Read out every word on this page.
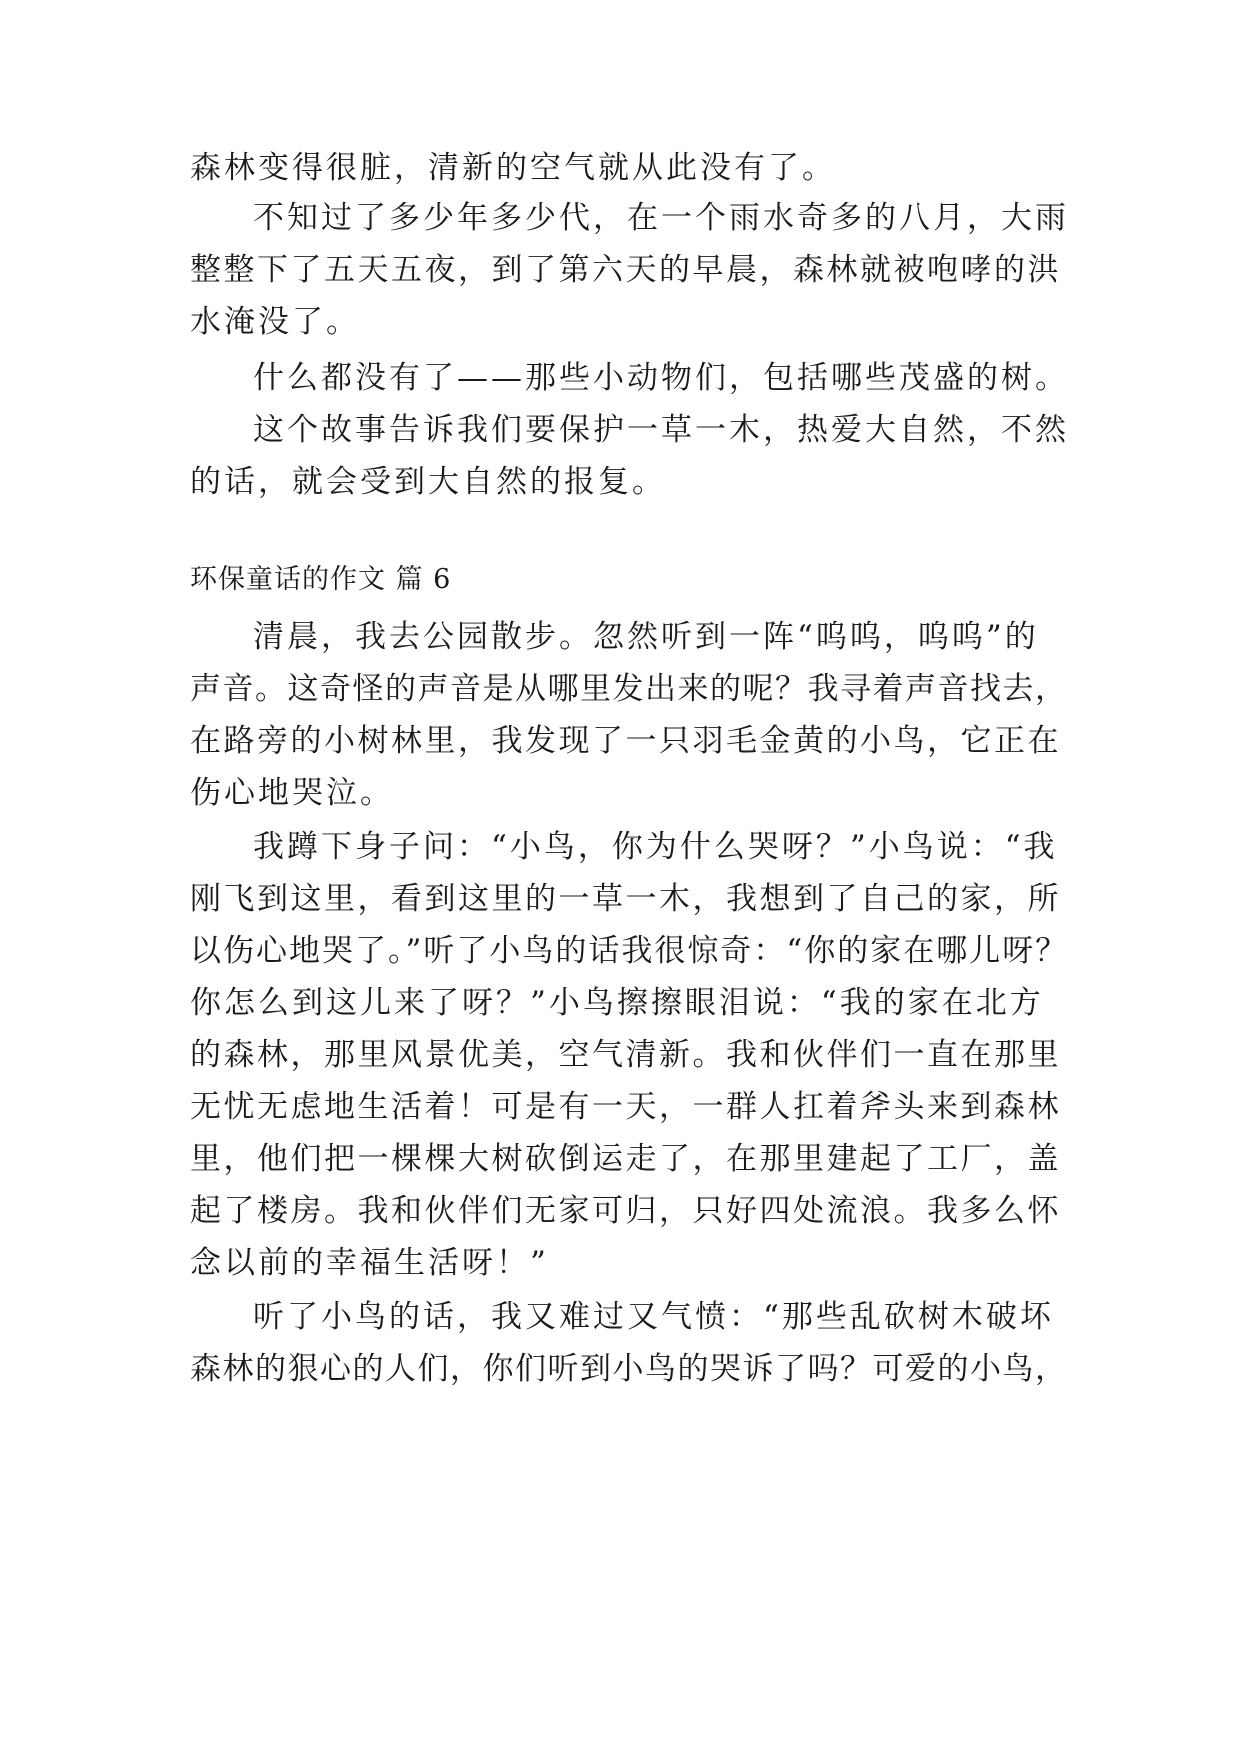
森林变得很脏，清新的空气就从此没有了。
不知过了多少年多少代，在一个雨水奇多的八月，大雨
整整下了五天五夜，到了第六天的早晨，森林就被咆哮的洪
水淹没了。
什么都没有了——那些小动物们，包括哪些茂盛的树。
这个故事告诉我们要保护一草一木，热爱大自然，不然
的话，就会受到大自然的报复。
环保童话的作文 篇 6
清晨，我去公园散步。忽然听到一阵“呜呜，呜呜”的
声音。这奇怪的声音是从哪里发出来的呢？我寻着声音找去，
在路旁的小树林里，我发现了一只羽毛金黄的小鸟，它正在
伤心地哭泣。
我蹲下身子问：“小鸟，你为什么哭呀？”小鸟说：“我
刚飞到这里，看到这里的一草一木，我想到了自己的家，所
以伤心地哭了。”听了小鸟的话我很惊奇：“你的家在哪儿呀？
你怎么到这儿来了呀？”小鸟擦擦眼泪说：“我的家在北方
的森林，那里风景优美，空气清新。我和伙伴们一直在那里
无忧无虑地生活着！可是有一天，一群人扛着斧头来到森林
里，他们把一棵棵大树砍倒运走了，在那里建起了工厂，盖
起了楼房。我和伙伴们无家可归，只好四处流浪。我多么怀
念以前的幸福生活呀！”
听了小鸟的话，我又难过又气愤：“那些乱砍树木破坏
森林的狠心的人们，你们听到小鸟的哭诉了吗？可爱的小鸟，
